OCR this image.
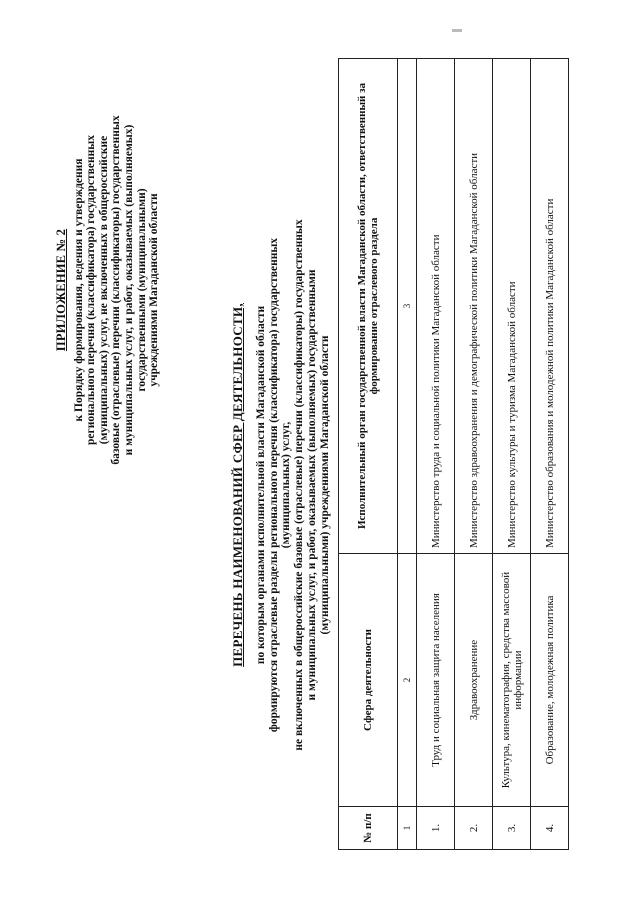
ПРИЛОЖЕНИЕ № 2 к Порядку формирования, ведения и утверждения регионального перечня (классификатора) государственных (муниципальных) услуг, не включенных в общероссийские базовые (отраслевые) перечни (классификаторы) государственных и муниципальных услуг, и работ, оказываемых (выполняемых) государственными (муниципальными) учреждениями Магаданской области
ПЕРЕЧЕНЬ НАИМЕНОВАНИЙ СФЕР ДЕЯТЕЛЬНОСТИ, по которым органами исполнительной власти Магаданской области формируются отраслевые разделы регионального перечня (классификатора) государственных (муниципальных) услуг, не включенных в общероссийские базовые (отраслевые) перечни (классификаторы) государственных и муниципальных услуг, и работ, оказываемых (выполняемых) государственными (муниципальными) учреждениями Магаданской области
№ п/п	Сфера деятельности	Исполнительный орган государственной власти Магаданской области, ответственный за формирование отраслевого раздела
1	2	3
1.	Труд и социальная защита населения	Министерство труда и социальной политики Магаданской области
2.	Здравоохранение	Министерство здравоохранения и демографической политики Магаданской области
3.	Культура, кинематография, средства массовой информации	Министерство культуры и туризма Магаданской области
4.	Образование, молодежная политика	Министерство образования и молодежной политики Магаданской области
